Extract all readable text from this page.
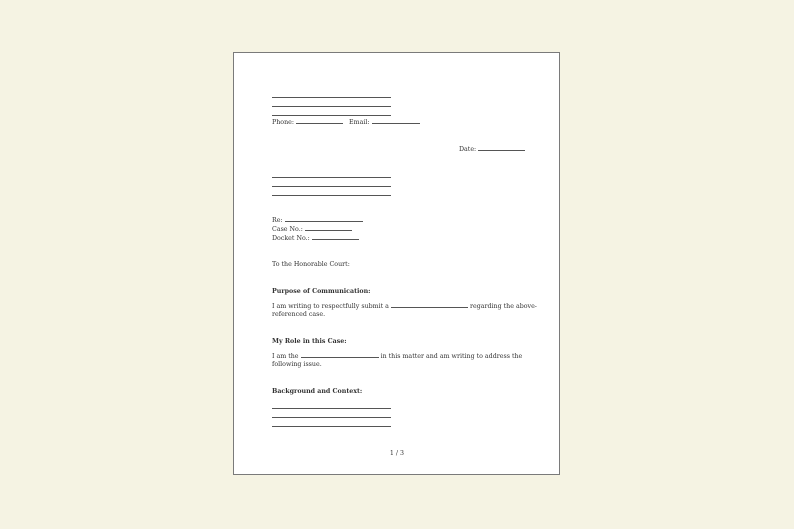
Phone:	Email:
Date:
Re:
Case No.:
Docket No.:
To the Honorable Court:
Purpose of Communication:
I am writing to respectfully submit a	regarding the above-
referenced case.
My Role in this Case:
I am the	in this matter and am writing to address the
following issue.
Background and Context:
1 / 3
